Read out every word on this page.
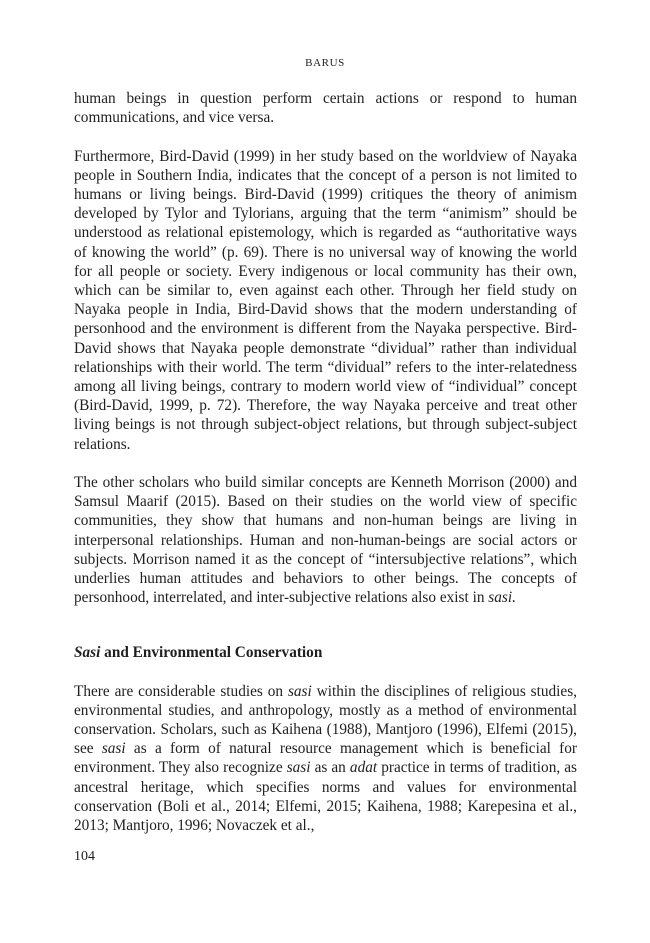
BARUS

human beings in question perform certain actions or respond to human communications, and vice versa.

Furthermore, Bird-David (1999) in her study based on the worldview of Nayaka people in Southern India, indicates that the concept of a person is not limited to humans or living beings. Bird-David (1999) critiques the theory of animism developed by Tylor and Tylorians, arguing that the term “animism” should be understood as relational epistemology, which is regarded as “authoritative ways of knowing the world” (p. 69). There is no universal way of knowing the world for all people or society. Every indigenous or local community has their own, which can be similar to, even against each other. Through her field study on Nayaka people in India, Bird-David shows that the modern understanding of personhood and the environment is different from the Nayaka perspective. Bird-David shows that Nayaka people demonstrate “dividual” rather than individual relationships with their world. The term “dividual” refers to the inter-relatedness among all living beings, contrary to modern world view of “individual” concept (Bird-David, 1999, p. 72). Therefore, the way Nayaka perceive and treat other living beings is not through subject-object relations, but through subject-subject relations.

The other scholars who build similar concepts are Kenneth Morrison (2000) and Samsul Maarif (2015). Based on their studies on the world view of specific communities, they show that humans and non-human beings are living in interpersonal relationships. Human and non-human-beings are social actors or subjects. Morrison named it as the concept of “intersubjective relations”, which underlies human attitudes and behaviors to other beings. The concepts of personhood, interrelated, and inter-subjective relations also exist in sasi.

Sasi and Environmental Conservation

There are considerable studies on sasi within the disciplines of religious studies, environmental studies, and anthropology, mostly as a method of environmental conservation. Scholars, such as Kaihena (1988), Mantjoro (1996), Elfemi (2015), see sasi as a form of natural resource management which is beneficial for environment. They also recognize sasi as an adat practice in terms of tradition, as ancestral heritage, which specifies norms and values for environmental conservation (Boli et al., 2014; Elfemi, 2015; Kaihena, 1988; Karepesina et al., 2013; Mantjoro, 1996; Novaczek et al.,

104
